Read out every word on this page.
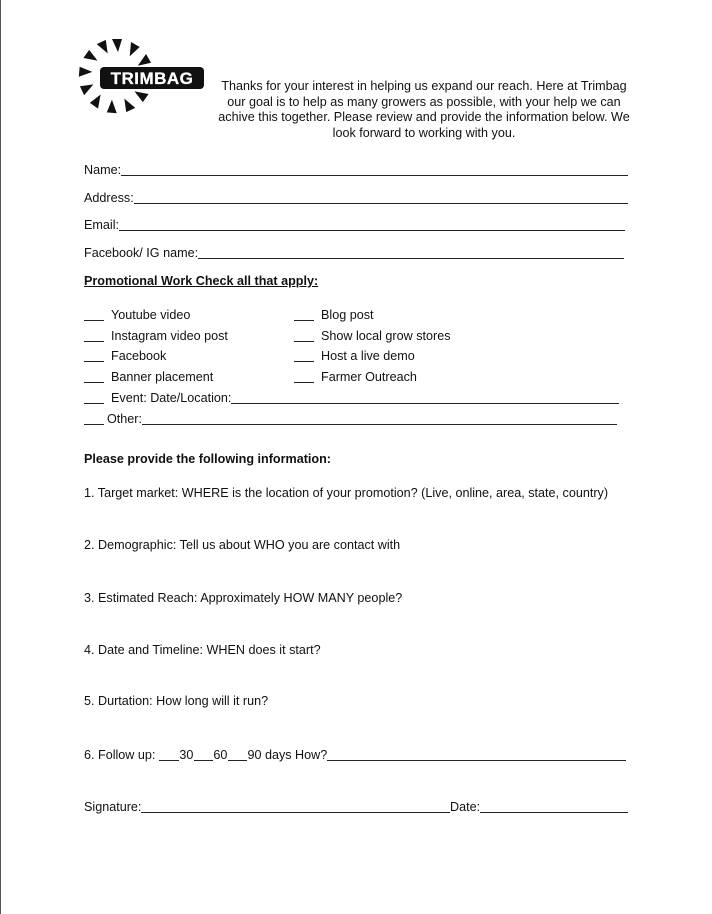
TRIMBAG	Thanks for your interest in helping us expand our reach. Here at Trimbag our goal is to help as many growers as possible, with your help we can achive this together. Please review and provide the information below. We look forward to working with you.
Name:
Address:
Email:
Facebook/ IG name:
Promotional Work Check all that apply:
Youtube video
Instagram video post
Facebook
Banner placement
Blog post
Show local grow stores
Host a live demo
Farmer Outreach
Event: Date/Location:
Other:
Please provide the following information:
1. Target market: WHERE is the location of your promotion? (Live, online, area, state, country)
2. Demographic: Tell us about WHO you are contact with
3. Estimated Reach: Approximately HOW MANY people?
4. Date and Timeline: WHEN does it start?
5. Durtation: How long will it run?
6. Follow up: 30 60 90 days How?
Signature:	Date:
